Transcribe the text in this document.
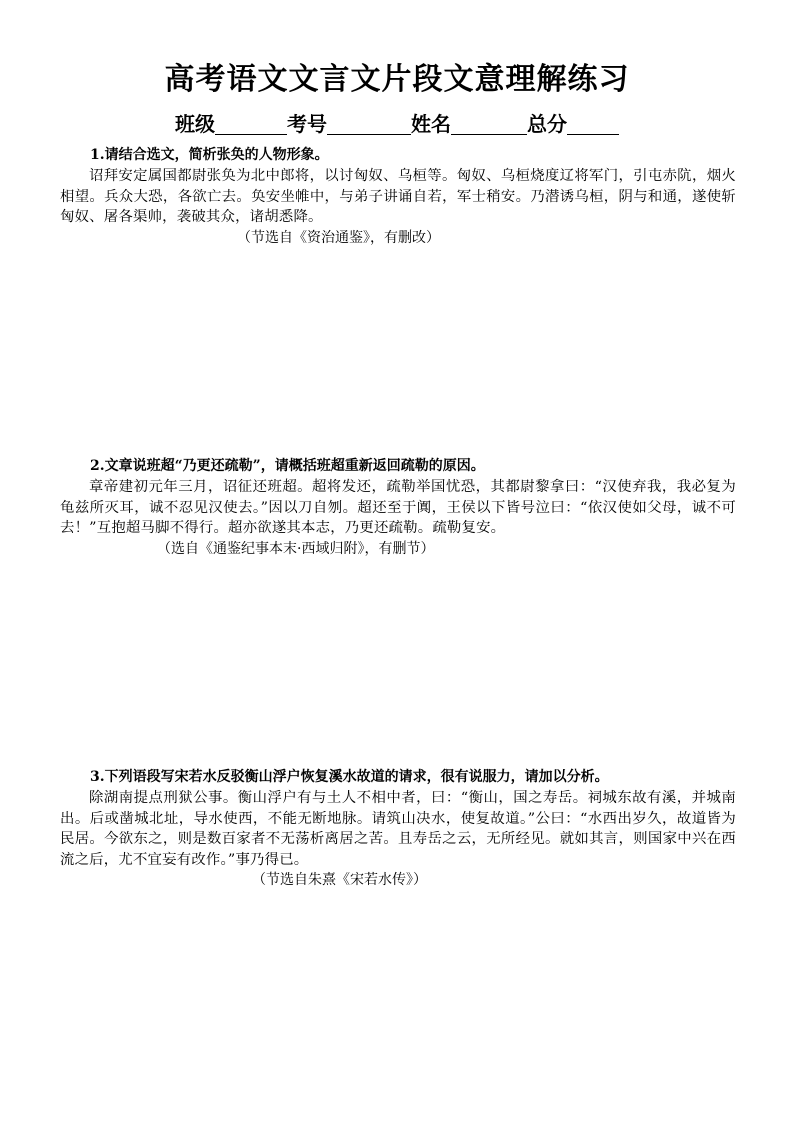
高考语文文言文片段文意理解练习
班级	考号	姓名	总分
1.请结合选文，简析张奂的人物形象。
诏拜安定属国都尉张奂为北中郎将，以讨匈奴、乌桓等。匈奴、乌桓烧度辽将军门，引屯赤阬，烟火相望。兵众大恐，各欲亡去。奂安坐帷中，与弟子讲诵自若，军士稍安。乃潜诱乌桓，阴与和通，遂使斩匈奴、屠各渠帅，袭破其众，诸胡悉降。
（节选自《资治通鉴》，有删改）
2.文章说班超“乃更还疏勒”，请概括班超重新返回疏勒的原因。
章帝建初元年三月，诏征还班超。超将发还，疏勒举国忧恐，其都尉黎拿曰：“汉使弃我，我必复为龟兹所灭耳，诚不忍见汉使去。”因以刀自刎。超还至于阗，王侯以下皆号泣曰：“依汉使如父母，诚不可去！”互抱超马脚不得行。超亦欲遂其本志，乃更还疏勒。疏勒复安。
（选自《通鉴纪事本末·西域归附》，有删节）
3.下列语段写宋若水反驳衡山浮户恢复溪水故道的请求，很有说服力，请加以分析。
除湖南提点刑狱公事。衡山浮户有与土人不相中者，曰：“衡山，国之寿岳。祠城东故有溪，并城南出。后或凿城北址，导水使西，不能无断地脉。请筑山决水，使复故道。”公曰：“水西出岁久，故道皆为民居。今欲东之，则是数百家者不无荡析离居之苦。且寿岳之云，无所经见。就如其言，则国家中兴在西流之后，尤不宜妄有改作。”事乃得已。
（节选自朱熹《宋若水传》）
